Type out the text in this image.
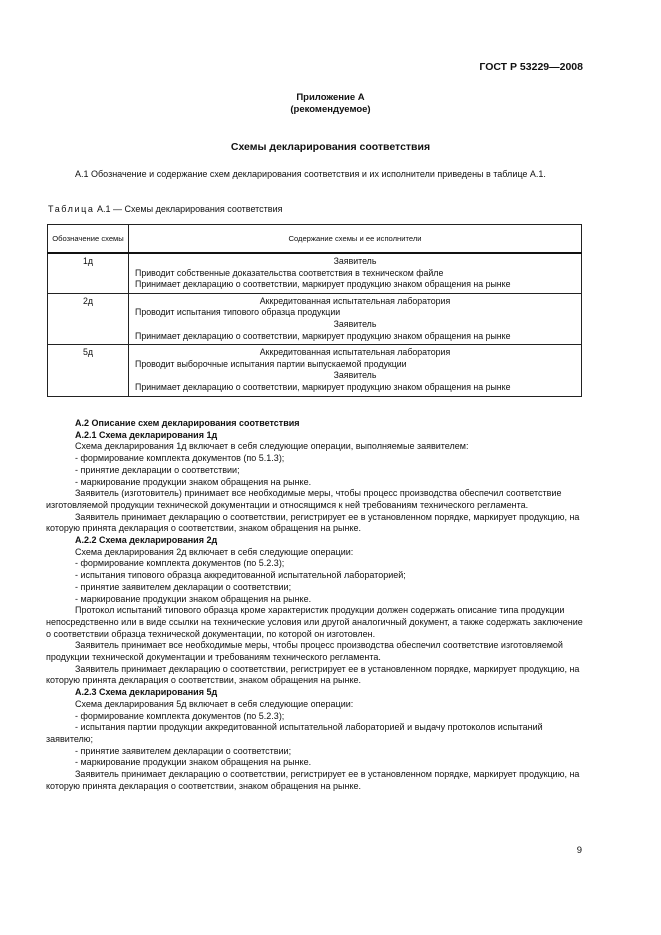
ГОСТ Р 53229—2008
Приложение А
(рекомендуемое)
Схемы декларирования соответствия
А.1 Обозначение и содержание схем декларирования соответствия и их исполнители приведены в таблице А.1.
Таблица А.1 — Схемы декларирования соответствия
Обозначение схемы	Содержание схемы и ее исполнители
1д	Заявитель
Приводит собственные доказательства соответствия в техническом файле
Принимает декларацию о соответствии, маркирует продукцию знаком обращения на рынке

2д	Аккредитованная испытательная лаборатория
Проводит испытания типового образца продукции
Заявитель
Принимает декларацию о соответствии, маркирует продукцию знаком обращения на рынке

5д	Аккредитованная испытательная лаборатория
Проводит выборочные испытания партии выпускаемой продукции
Заявитель
Принимает декларацию о соответствии, маркирует продукцию знаком обращения на рынке

А.2 Описание схем декларирования соответствия

А.2.1 Схема декларирования 1д

Схема декларирования 1д включает в себя следующие операции, выполняемые заявителем:

- формирование комплекта документов (по 5.1.3);

- принятие декларации о соответствии;

- маркирование продукции знаком обращения на рынке.

Заявитель (изготовитель) принимает все необходимые меры, чтобы процесс производства обеспечил соответствие изготовляемой продукции технической документации и относящимся к ней требованиям технического регламента.

Заявитель принимает декларацию о соответствии, регистрирует ее в установленном порядке, маркирует продукцию, на которую принята декларация о соответствии, знаком обращения на рынке.

А.2.2 Схема декларирования 2д

Схема декларирования 2д включает в себя следующие операции:

- формирование комплекта документов (по 5.2.3);

- испытания типового образца аккредитованной испытательной лабораторией;

- принятие заявителем декларации о соответствии;

- маркирование продукции знаком обращения на рынке.

Протокол испытаний типового образца кроме характеристик продукции должен содержать описание типа продукции непосредственно или в виде ссылки на технические условия или другой аналогичный документ, а также содержать заключение о соответствии образца технической документации, по которой он изготовлен.

Заявитель принимает все необходимые меры, чтобы процесс производства обеспечил соответствие изготовляемой продукции технической документации и требованиям технического регламента.

Заявитель принимает декларацию о соответствии, регистрирует ее в установленном порядке, маркирует продукцию, на которую принята декларация о соответствии, знаком обращения на рынке.

А.2.3 Схема декларирования 5д

Схема декларирования 5д включает в себя следующие операции:

- формирование комплекта документов (по 5.2.3);

- испытания партии продукции аккредитованной испытательной лабораторией и выдачу протоколов испытаний заявителю;

- принятие заявителем декларации о соответствии;

- маркирование продукции знаком обращения на рынке.

Заявитель принимает декларацию о соответствии, регистрирует ее в установленном порядке, маркирует продукцию, на которую принята декларация о соответствии, знаком обращения на рынке.

9
